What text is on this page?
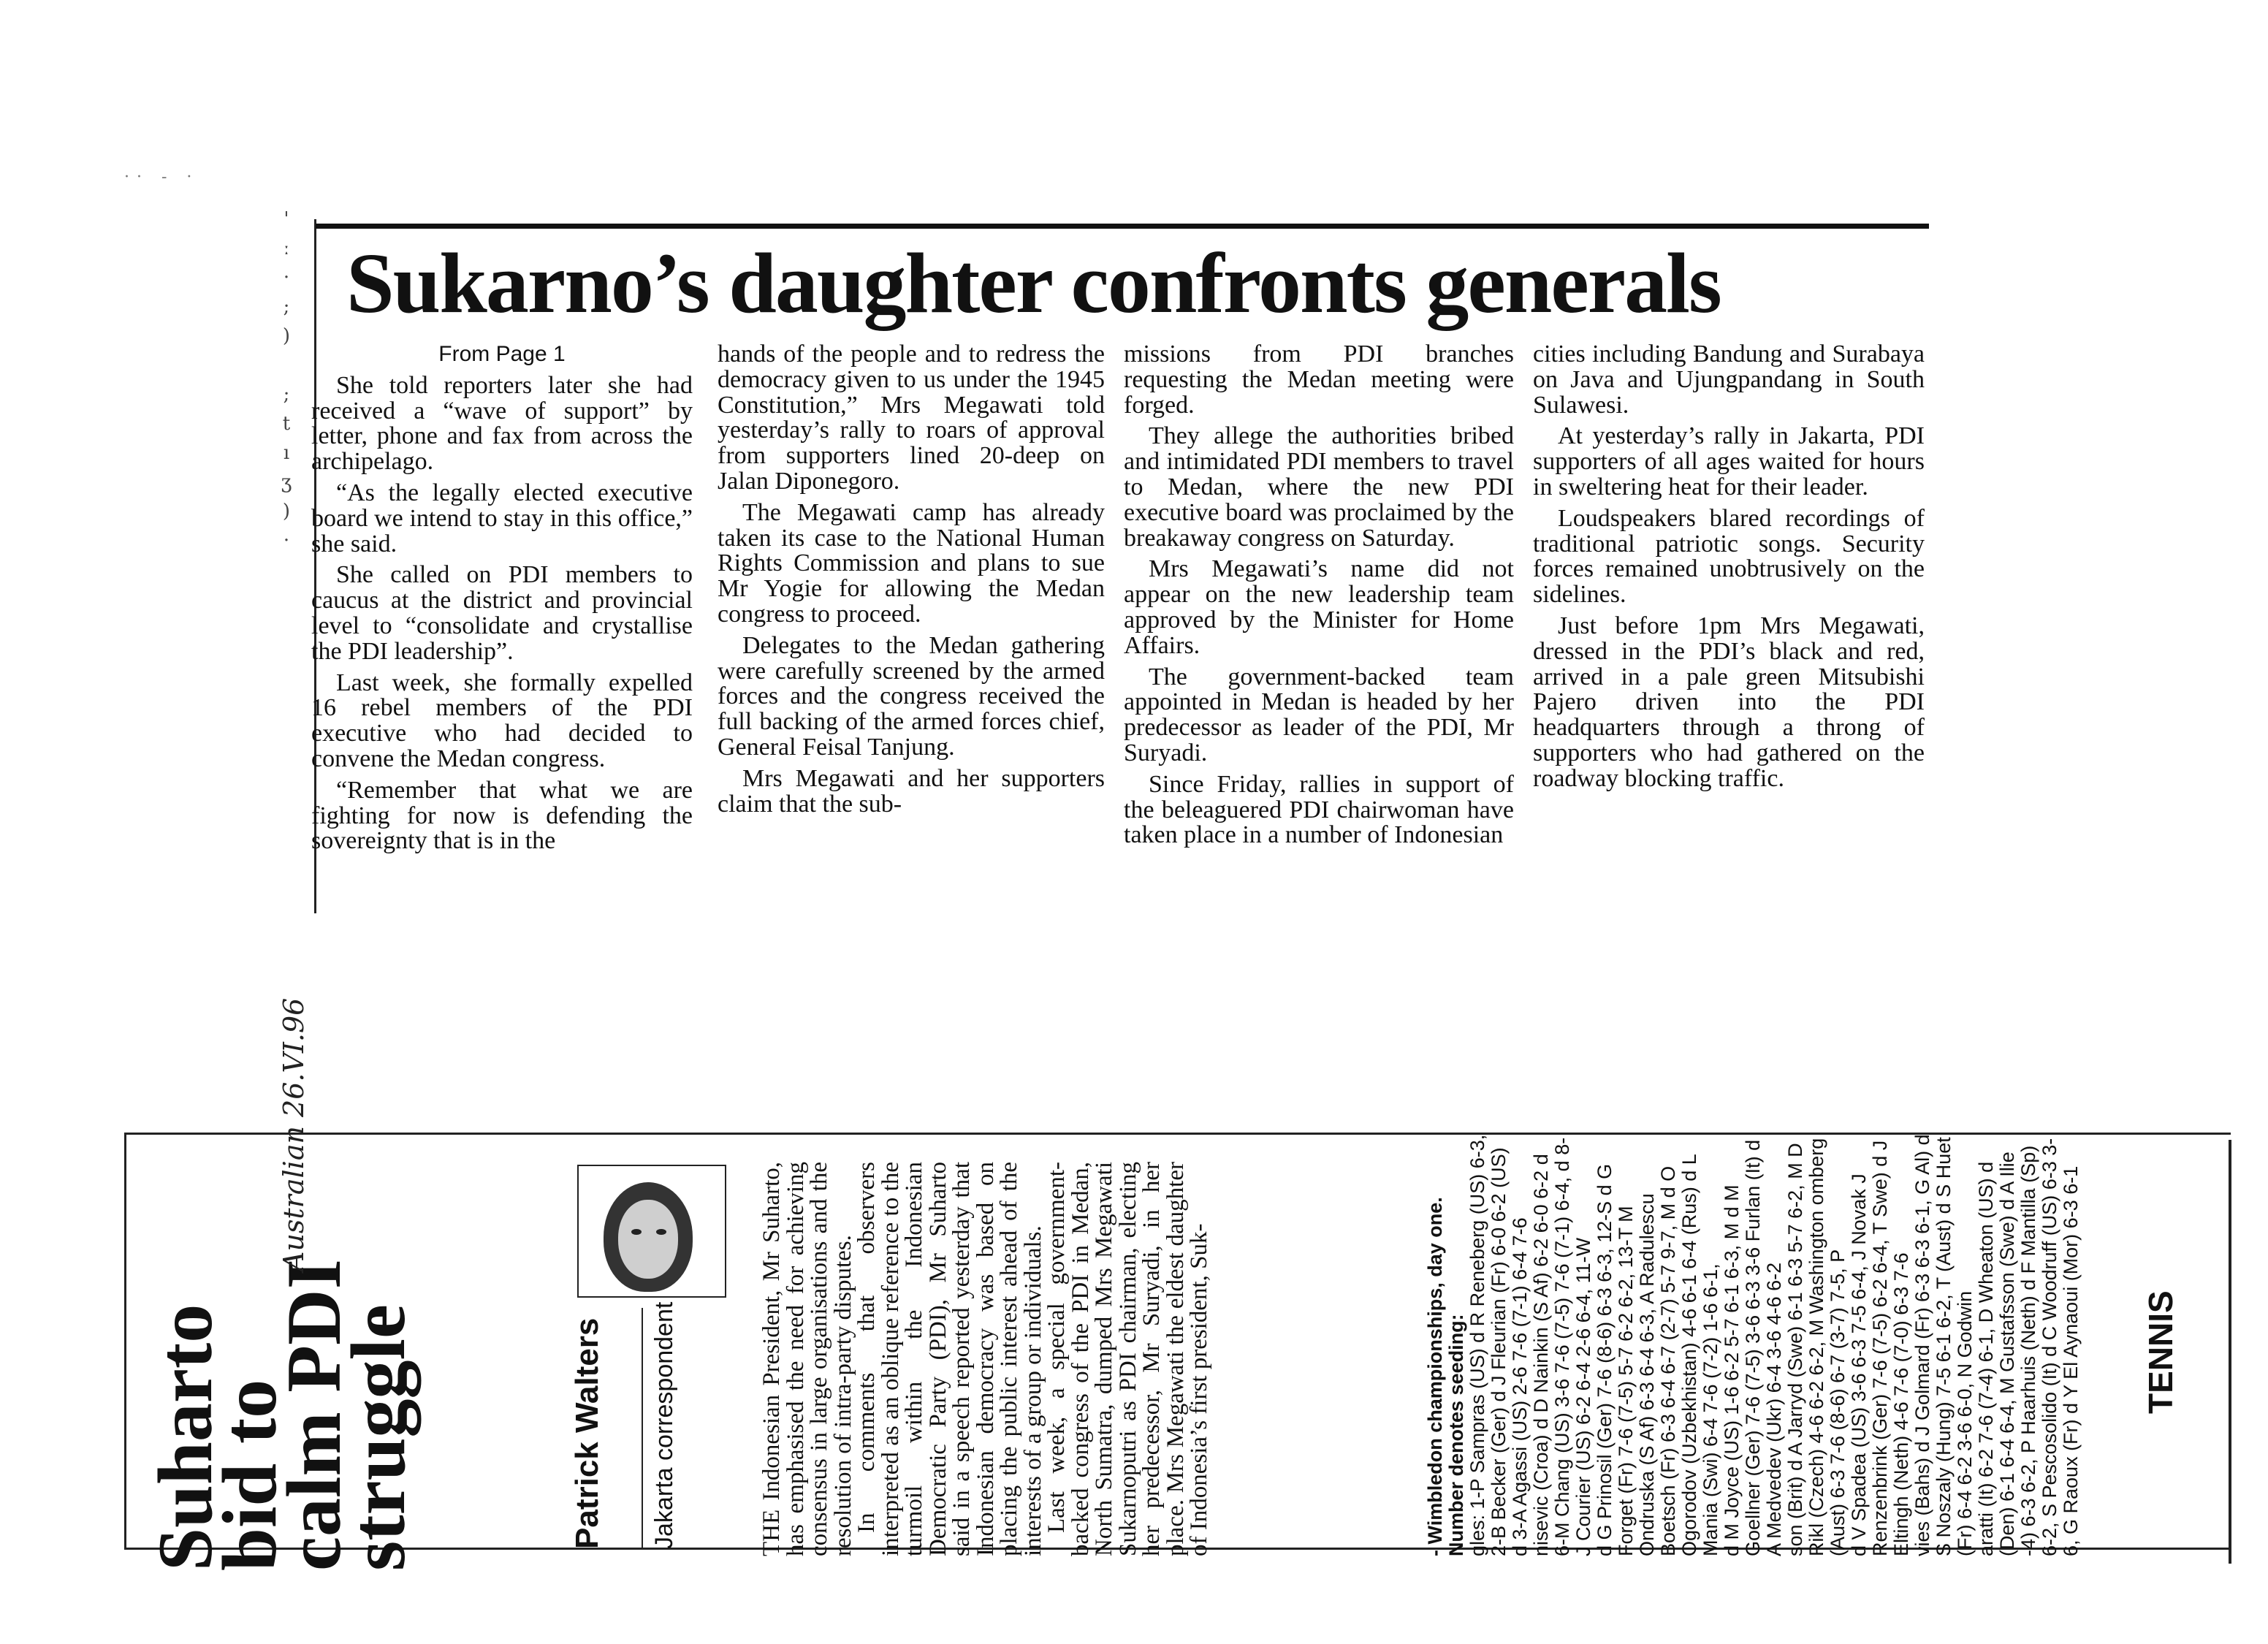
·· - ·
'
ː
·
;
)

;
t
ı
ʒ
)
·
Sukarno’s daughter confronts generals
From Page 1

She told reporters later she had received a “wave of support” by letter, phone and fax from across the archipelago.

“As the legally elected executive board we intend to stay in this office,” she said.

She called on PDI members to caucus at the district and provincial level to “consolidate and crystallise the PDI leadership”.

Last week, she formally expelled 16 rebel members of the PDI executive who had decided to convene the Medan congress.

“Remember that what we are fighting for now is defending the sovereignty that is in the

hands of the people and to redress the democracy given to us under the 1945 Constitution,” Mrs Megawati told yesterday’s rally to roars of approval from supporters lined 20-deep on Jalan Diponegoro.

The Megawati camp has already taken its case to the National Human Rights Commission and plans to sue Mr Yogie for allowing the Medan congress to proceed.

Delegates to the Medan gathering were carefully screened by the armed forces and the congress received the full backing of the armed forces chief, General Feisal Tanjung.

Mrs Megawati and her supporters claim that the sub-

missions from PDI branches requesting the Medan meeting were forged.

They allege the authorities bribed and intimidated PDI members to travel to Medan, where the new PDI executive board was proclaimed by the breakaway congress on Saturday.

Mrs Megawati’s name did not appear on the new leadership team approved by the Minister for Home Affairs.

The government-backed team appointed in Medan is headed by her predecessor as leader of the PDI, Mr Suryadi.

Since Friday, rallies in support of the beleaguered PDI chairwoman have taken place in a number of Indonesian

cities including Bandung and Surabaya on Java and Ujungpandang in South Sulawesi.

At yesterday’s rally in Jakarta, PDI supporters of all ages waited for hours in sweltering heat for their leader.

Loudspeakers blared recordings of traditional patriotic songs. Security forces remained unobtrusively on the sidelines.

Just before 1pm Mrs Megawati, dressed in the PDI’s black and red, arrived in a pale green Mitsubishi Pajero driven into the PDI headquarters through a throng of supporters who had gathered on the roadway blocking traffic.

Suharto
bid to
calm PDI
struggle
Australian 26.VI.96
Patrick Walters Jakarta correspondent	THE Indonesian President, Mr Suharto, has emphasised the need for achieving consensus in large organisations and the resolution of intra-party disputes.

In comments that observers interpreted as an oblique reference to the turmoil within the Indonesian Democratic Party (PDI), Mr Suharto said in a speech reported yesterday that Indonesian democracy was based on placing the public interest ahead of the interests of a group or individuals.

Last week, a special government-backed congress of the PDI in Medan, North Sumatra, dumped Mrs Megawati Sukarnoputri as PDI chairman, electing her predecessor, Mr Suryadi, in her place. Mrs Megawati the eldest daughter of Indonesia’s first president, Suk-	- Wimbledon championships, day one. Number denotes seeding: gles: 1-P Sampras (US) d R Reneberg (US) 6-3, 2-B Becker (Ger) d J Fleurian (Fr) 6-0 6-2 (US) d 3-A Agassi (US) 2-6 7-6 (7-1) 6-4 7-6 nisevic (Croa) d D Nainkin (S Af) 6-2 6-0 6-2 d 6-M Chang (US) 3-6 7-6 (7-5) 7-6 (7-1) 6-4, d 8-J Courier (US) 6-2 6-4 2-6 6-4, 11-W d G Prinosil (Ger) 7-6 (8-6) 6-3 6-3, 12-S d G Forget (Fr) 7-6 (7-5) 5-7 6-2 6-2, 13-T M Ondruska (S Af) 6-3 6-4 6-3, A Radulescu Boetsch (Fr) 6-3 6-4 6-7 (2-7) 5-7 9-7, M d O Ogorodov (Uzbekhistan) 4-6 6-1 6-4 (Rus) d L Mania (Swi) 6-4 7-6 (7-2) 1-6 6-1, d M Joyce (US) 1-6 6-2 5-7 6-1 6-3, M d M Goellner (Ger) 7-6 (7-5) 3-6 6-3 3-6 Furlan (It) d A Medvedev (Ukr) 6-4 3-6 4-6 6-2 son (Brit) d A Jarryd (Swe) 6-1 6-3 5-7 6-2, M D Rikl (Czech) 4-6 6-2 6-2, M Washington omberg (Aust) 6-3 7-6 (8-6) 6-7 (3-7) 7-5, P d V Spadea (US) 3-6 6-3 7-5 6-4, J Novak J Renzenbrink (Ger) 7-6 (7-5) 6-2 6-4, T Swe) d J Eltingh (Neth) 4-6 7-6 (7-0) 6-3 7-6 vies (Bahs) d J Golmard (Fr) 6-3 6-3 6-1, G Al) d S Noszaly (Hung) 7-5 6-1 6-2, T (Aust) d S Huet (Fr) 6-4 6-2 3-6 6-0, N Godwin aratti (It) 6-2 7-6 (7-4) 6-1, D Wheaton (US) d (Den) 6-1 6-4 6-4, M Gustafsson (Swe) d A Ilie -4) 6-3 6-2, P Haarhuis (Neth) d F Mantilla (Sp) 6-2, S Pescosolido (It) d C Woodruff (US) 6-3 3-6, G Raoux (Fr) d Y El Aynaoui (Mor) 6-3 6-1 TENNIS
